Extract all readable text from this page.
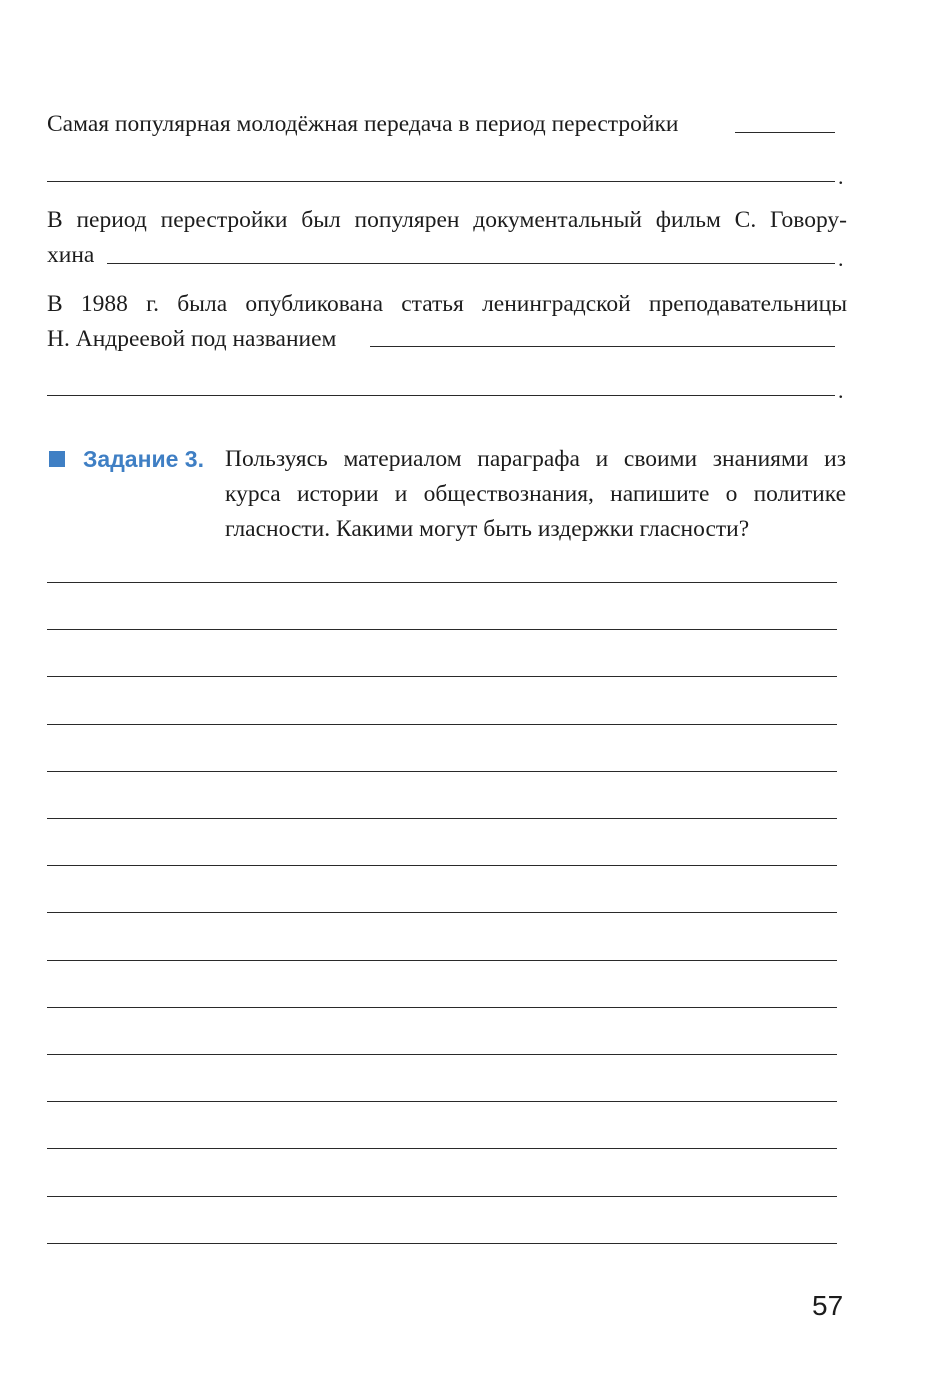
Самая популярная молодёжная передача в период перестройки
.
В период перестройки был популярен документальный фильм С. Говору-
хина	.
В 1988 г. была опубликована статья ленинградской преподавательницы
Н. Андреевой под названием
.
Задание 3. Пользуясь материалом параграфа и своими знаниями из
курса истории и обществознания, напишите о политике
гласности. Какими могут быть издержки гласности?
57
